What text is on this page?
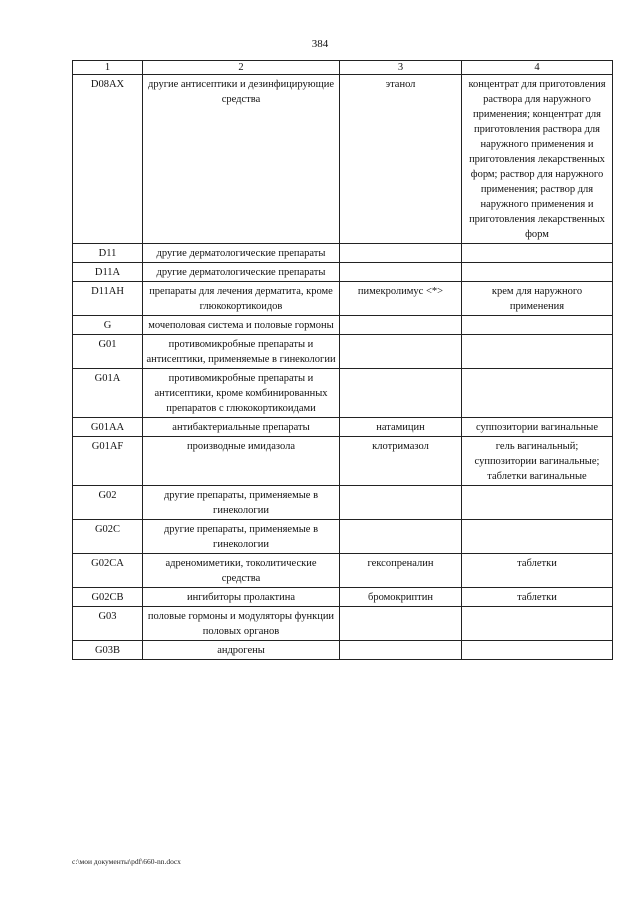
384
1	2	3	4
D08AX	другие антисептики и дезинфицирующие средства	этанол	концентрат для приготовления раствора для наружного применения; концентрат для приготовления раствора для наружного применения и приготовления лекарственных форм; раствор для наружного применения; раствор для наружного применения и приготовления лекарственных форм
D11	другие дерматологические препараты		
D11A	другие дерматологические препараты		
D11AH	препараты для лечения дерматита, кроме глюкокортикоидов	пимекролимус <*>	крем для наружного применения
G	мочеполовая система и половые гормоны		
G01	противомикробные препараты и антисептики, применяемые в гинекологии		
G01A	противомикробные препараты и антисептики, кроме комбинированных препаратов с глюкокортикоидами		
G01AA	антибактериальные препараты	натамицин	суппозитории вагинальные
G01AF	производные имидазола	клотримазол	гель вагинальный; суппозитории вагинальные; таблетки вагинальные
G02	другие препараты, применяемые в гинекологии		
G02C	другие препараты, применяемые в гинекологии		
G02CA	адреномиметики, токолитические средства	гексопреналин	таблетки
G02CB	ингибиторы пролактина	бромокриптин	таблетки
G03	половые гормоны и модуляторы функции половых органов		
G03B	андрогены		
c:\мои документы\pdf\660-nn.docx
